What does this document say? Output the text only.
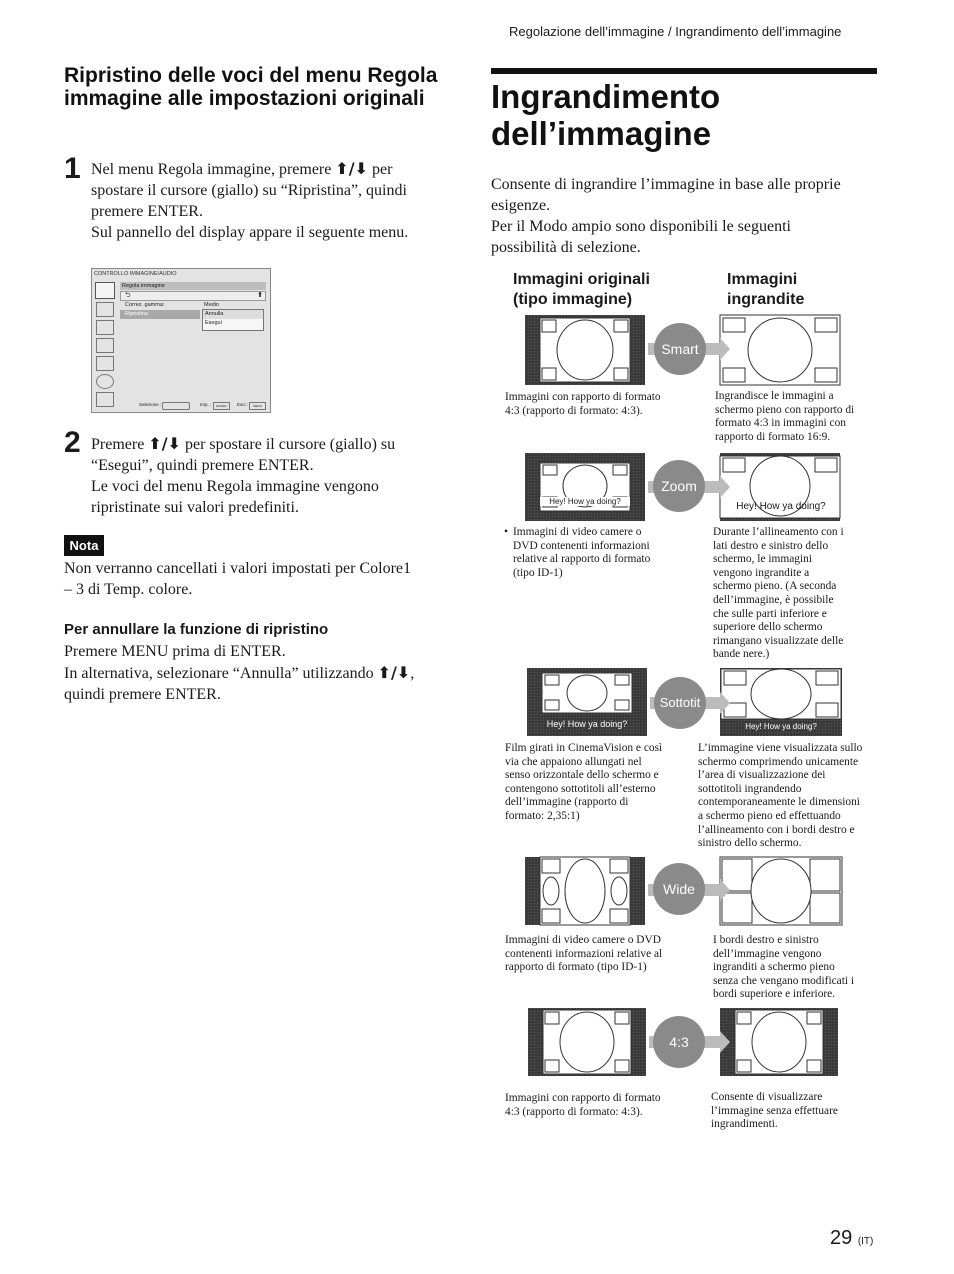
Regolazione dell’immagine / Ingrandimento dell’immagine
Ripristino delle voci del menu Regola immagine alle impostazioni originali
1 Nel menu Regola immagine, premere ⬆/⬇ per
spostare il cursore (giallo) su “Ripristina”, quindi
premere ENTER.
Sul pannello del display appare il seguente menu.
CONTROLLO IMMAGINE/AUDIO
Regola immagine
⮌	⬆
Correz. gamma:	Medio
Ripristina	Annulla
Esegui
Selezione :	Imp. :	ENTER	Esci :	MENU
2 Premere ⬆/⬇ per spostare il cursore (giallo) su
“Esegui”, quindi premere ENTER.
Le voci del menu Regola immagine vengono
ripristinate sui valori predefiniti.
Nota
Non verranno cancellati i valori impostati per Colore1
– 3 di Temp. colore.
Per annullare la funzione di ripristino
Premere MENU prima di ENTER.
In alternativa, selezionare “Annulla” utilizzando ⬆/⬇,
quindi premere ENTER.
Ingrandimento
dell’immagine
Consente di ingrandire l’immagine in base alle proprie
esigenze.
Per il Modo ampio sono disponibili le seguenti
possibilità di selezione.
Immagini originali
(tipo immagine)
Immagini
ingrandite
Hey! How ya doing?	Hey! How ya doing?
Hey! How ya doing?	Hey! How ya doing?
Smart
Zoom
Sottotit
Wide
4:3
Immagini con rapporto di formato
4:3 (rapporto di formato: 4:3).
Ingrandisce le immagini a
schermo pieno con rapporto di
formato 4:3 in immagini con
rapporto di formato 16:9.
• Immagini di video camere o
DVD contenenti informazioni
relative al rapporto di formato
(tipo ID-1)
Durante l’allineamento con i
lati destro e sinistro dello
schermo, le immagini
vengono ingrandite a
schermo pieno. (A seconda
dell’immagine, è possibile
che sulle parti inferiore e
superiore dello schermo
rimangano visualizzate delle
bande nere.)
Film girati in CinemaVision e così
via che appaiono allungati nel
senso orizzontale dello schermo e
contengono sottotitoli all’esterno
dell’immagine (rapporto di
formato: 2,35:1)
L’immagine viene visualizzata sullo
schermo comprimendo unicamente
l’area di visualizzazione dei
sottotitoli ingrandendo
contemporaneamente le dimensioni
a schermo pieno ed effettuando
l’allineamento con i bordi destro e
sinistro dello schermo.
Immagini di video camere o DVD
contenenti informazioni relative al
rapporto di formato (tipo ID-1)
I bordi destro e sinistro
dell’immagine vengono
ingranditi a schermo pieno
senza che vengano modificati i
bordi superiore e inferiore.
Immagini con rapporto di formato
4:3 (rapporto di formato: 4:3).
Consente di visualizzare
l’immagine senza effettuare
ingrandimenti.
29 (IT)
